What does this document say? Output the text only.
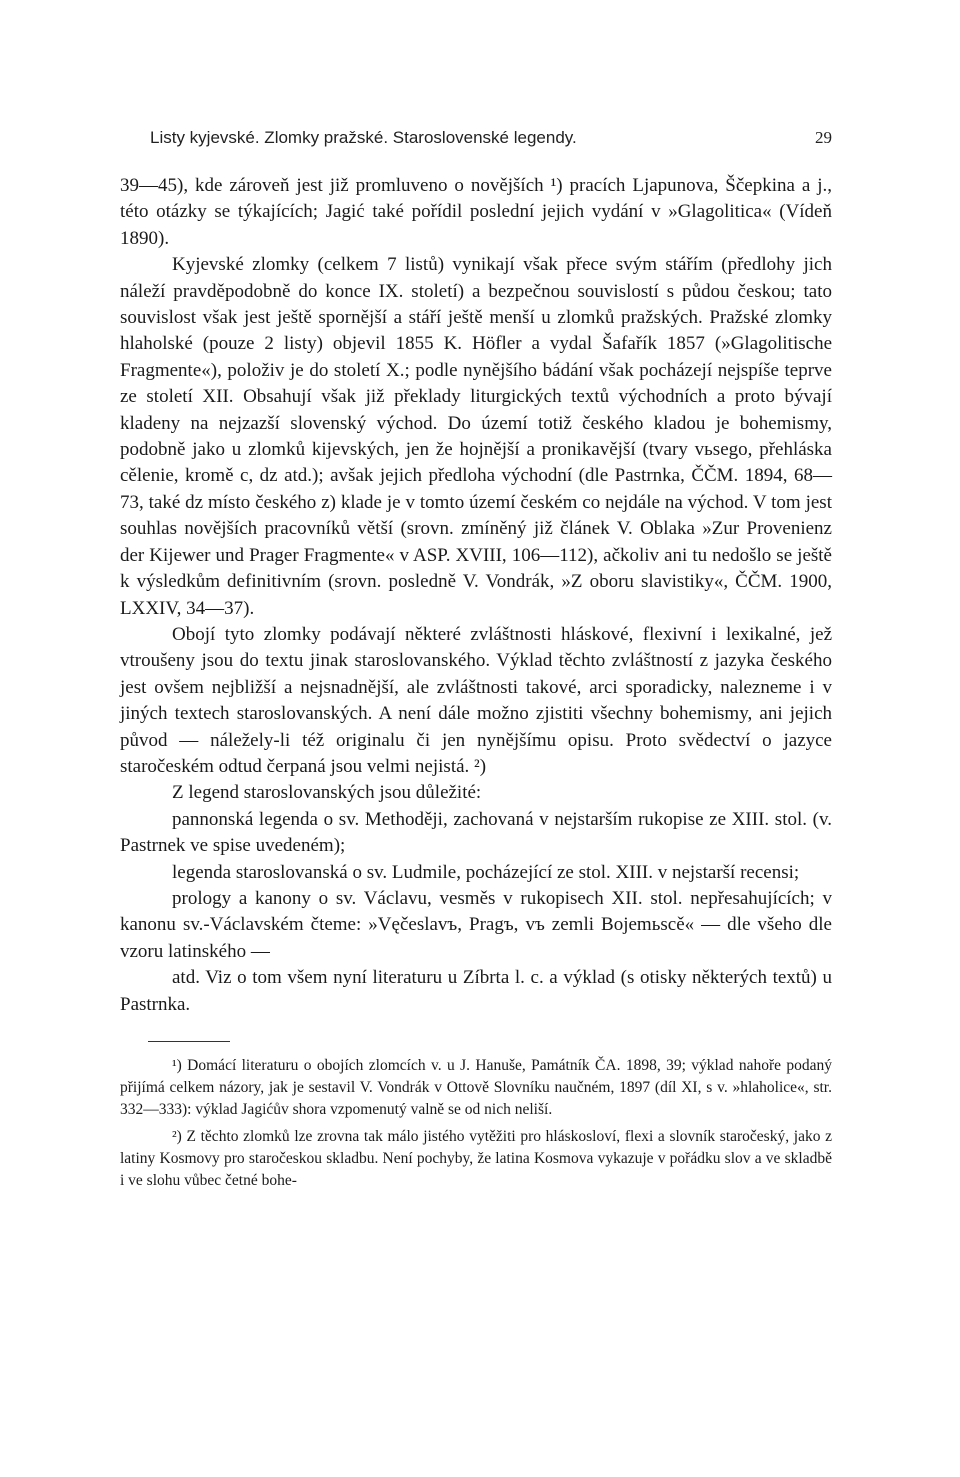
Listy kyjevské. Zlomky pražské. Staroslovenské legendy.	29

39—45), kde zároveň jest již promluveno o novějších ¹) pracích Ljapunova, Ščepkina a j., této otázky se týkajících; Jagić také pořídil poslední jejich vydání v »Glagolitica« (Vídeň 1890).

Kyjevské zlomky (celkem 7 listů) vynikají však přece svým stářím (předlohy jich náleží pravděpodobně do konce IX. století) a bezpečnou souvislostí s půdou českou; tato souvislost však jest ještě spornější a stáří ještě menší u zlomků pražských. Pražské zlomky hlaholské (pouze 2 listy) objevil 1855 K. Höfler a vydal Šafařík 1857 (»Glagolitische Fragmente«), položiv je do století X.; podle nynějšího bádání však pocházejí nejspíše teprve ze století XII. Obsahují však již překlady liturgických textů východních a proto bývají kladeny na nejzazší slovenský východ. Do území totiž českého kladou je bohemismy, podobně jako u zlomků kijevských, jen že hojnější a pronikavější (tvary vьsego, přehláska cěleniе, kromě c, dz atd.); avšak jejich předloha východní (dle Pastrnka, ČČM. 1894, 68—73, také dz místo českého z) klade je v tomto území českém co nejdále na východ. V tom jest souhlas novějších pracovníků větší (srovn. zmíněný již článek V. Oblaka »Zur Provenienz der Kijewer und Prager Fragmente« v ASP. XVIII, 106—112), ačkoliv ani tu nedošlo se ještě k výsledkům definitivním (srovn. posledně V. Vondrák, »Z oboru slavistiky«, ČČM. 1900, LXXIV, 34—37).

Obojí tyto zlomky podávají některé zvláštnosti hláskové, flexivní i lexikalné, jež vtroušeny jsou do textu jinak staroslovanského. Výklad těchto zvláštností z jazyka českého jest ovšem nejbližší a nejsnadnější, ale zvláštnosti takové, arci sporadicky, nalezneme i v jiných textech staroslovanských. A není dále možno zjistiti všechny bohemismy, ani jejich původ — náležely-li též originalu či jen nynějšímu opisu. Proto svědectví o jazyce staročeském odtud čerpaná jsou velmi nejistá. ²)

Z legend staroslovanských jsou důležité:

pannonská legenda o sv. Methoději, zachovaná v nejstarším rukopise ze XIII. stol. (v. Pastrnek ve spise uvedeném);

legenda staroslovanská o sv. Ludmile, pocházející ze stol. XIII. v nejstarší recensi;

prology a kanony o sv. Václavu, vesměs v rukopisech XII. stol. nepřesahujících; v kanonu sv.-Václavském čteme: »Vęčeslavъ, Pragъ, vъ zemli Bojemьscě« — dle všeho dle vzoru latinského —

atd. Viz o tom všem nyní literaturu u Zíbrta l. c. a výklad (s otisky některých textů) u Pastrnka.

¹) Domácí literaturu o obojích zlomcích v. u J. Hanuše, Památník ČA. 1898, 39; výklad nahoře podaný přijímá celkem názory, jak je sestavil V. Vondrák v Ottově Slovníku naučném, 1897 (díl XI, s v. »hlaholice«, str. 332—333): výklad Jagićův shora vzpomenutý valně se od nich neliší.

²) Z těchto zlomků lze zrovna tak málo jistého vytěžiti pro hláskosloví, flexi a slovník staročeský, jako z latiny Kosmovy pro staročeskou skladbu. Není pochyby, že latina Kosmova vykazuje v pořádku slov a ve skladbě i ve slohu vůbec četné bohe-
